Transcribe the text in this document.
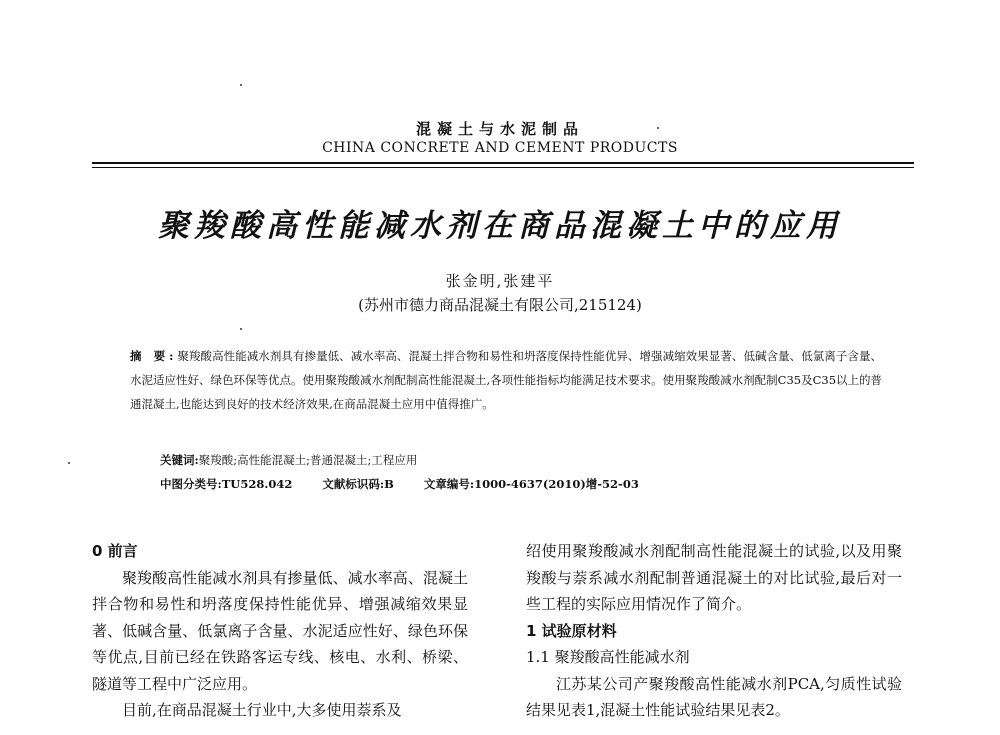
混凝土与水泥制品
CHINA CONCRETE AND CEMENT PRODUCTS
聚羧酸高性能减水剂在商品混凝土中的应用
张金明,张建平
(苏州市德力商品混凝土有限公司,215124)
摘 要:聚羧酸高性能减水剂具有掺量低、减水率高、混凝土拌合物和易性和坍落度保持性能优异、增强减缩效果显著、低碱含量、低氯离子含量、水泥适应性好、绿色环保等优点。使用聚羧酸减水剂配制高性能混凝土,各项性能指标均能满足技术要求。使用聚羧酸减水剂配制C35及C35以上的普通混凝土,也能达到良好的技术经济效果,在商品混凝土应用中值得推广。
关键词:聚羧酸;高性能混凝土;普通混凝土;工程应用
中图分类号:TU528.042	文献标识码:B	文章编号:1000-4637(2010)增-52-03

0 前言

聚羧酸高性能减水剂具有掺量低、减水率高、混凝土拌合物和易性和坍落度保持性能优异、增强减缩效果显著、低碱含量、低氯离子含量、水泥适应性好、绿色环保等优点,目前已经在铁路客运专线、核电、水利、桥梁、隧道等工程中广泛应用。

目前,在商品混凝土行业中,大多使用萘系及

绍使用聚羧酸减水剂配制高性能混凝土的试验,以及用聚羧酸与萘系减水剂配制普通混凝土的对比试验,最后对一些工程的实际应用情况作了简介。

1 试验原材料

1.1 聚羧酸高性能减水剂

江苏某公司产聚羧酸高性能减水剂PCA,匀质性试验结果见表1,混凝土性能试验结果见表2。
